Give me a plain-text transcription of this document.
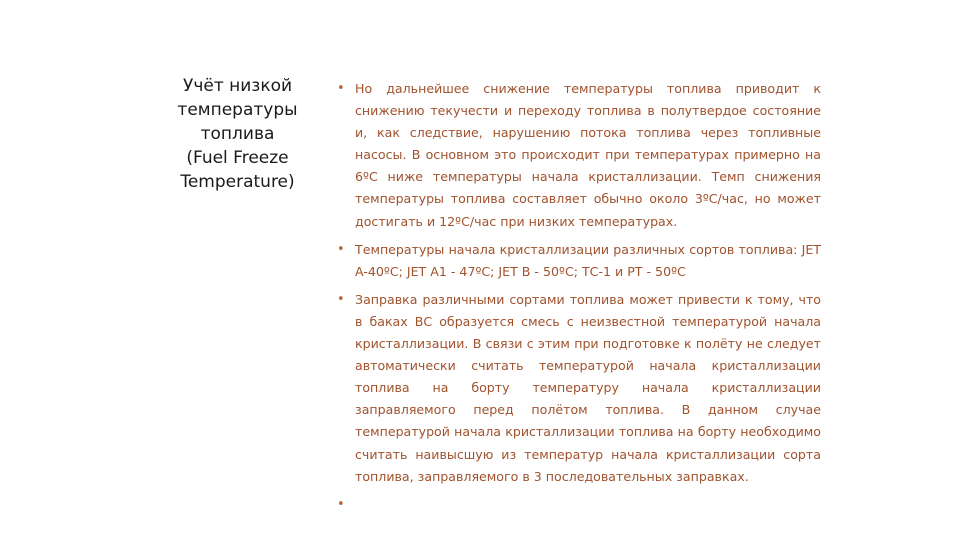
Учёт низкой
температуры
топлива
(Fuel Freeze
Temperature)
• Но дальнейшее снижение температуры топлива приводит к снижению текучести и переходу топлива в полутвердое состояние и, как следствие, нарушению потока топлива через топливные насосы. В основном это происходит при температурах примерно на 6ºС ниже температуры начала кристаллизации. Темп снижения температуры топлива составляет обычно около 3ºС/час, но может достигать и 12ºС/час при низких температурах.
• Температуры начала кристаллизации различных сортов топлива: JET A-40ºC; JET A1 - 47ºC; JET B - 50ºC; ТС-1 и РТ - 50ºС
• Заправка различными сортами топлива может привести к тому, что в баках ВС образуется смесь с неизвестной температурой начала кристаллизации. В связи с этим при подготовке к полёту не следует автоматически считать температурой начала кристаллизации топлива на борту температуру начала кристаллизации заправляемого перед полётом топлива. В данном случае температурой начала кристаллизации топлива на борту необходимо считать наивысшую из температур начала кристаллизации сорта топлива, заправляемого в 3 последовательных заправках.
•
